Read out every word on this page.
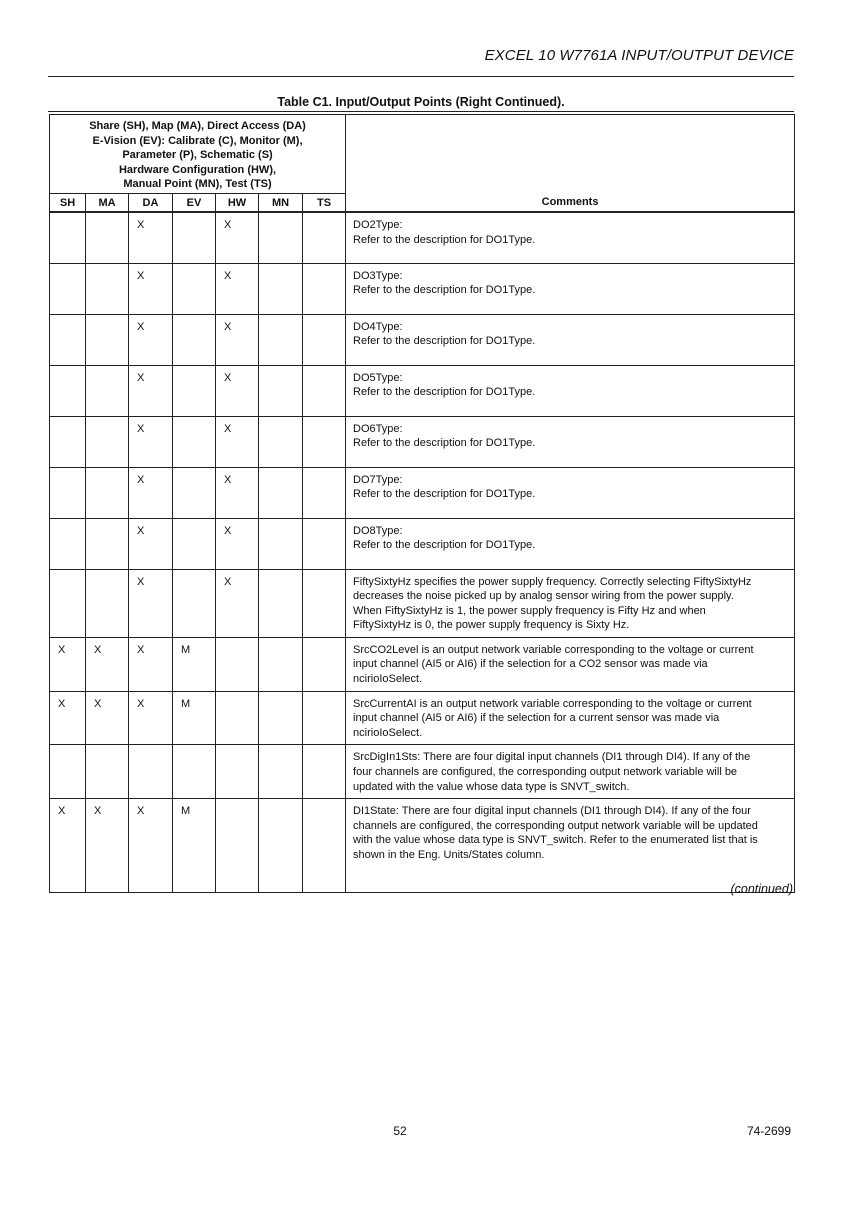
EXCEL 10 W7761A INPUT/OUTPUT DEVICE
Table C1. Input/Output Points (Right Continued).
Share (SH), Map (MA), Direct Access (DA)
E-Vision (EV): Calibrate (C), Monitor (M),
Parameter (P), Schematic (S)
Hardware Configuration (HW),
Manual Point (MN), Test (TS)							Comments
SH	MA	DA	EV	HW	MN	TS	
		X		X			DO2Type:
Refer to the description for DO1Type.

		X		X			DO3Type:
Refer to the description for DO1Type.

		X		X			DO4Type:
Refer to the description for DO1Type.

		X		X			DO5Type:
Refer to the description for DO1Type.

		X		X			DO6Type:
Refer to the description for DO1Type.

		X		X			DO7Type:
Refer to the description for DO1Type.

		X		X			DO8Type:
Refer to the description for DO1Type.

		X		X			FiftySixtyHz specifies the power supply frequency. Correctly selecting FiftySixtyHz
decreases the noise picked up by analog sensor wiring from the power supply.
When FiftySixtyHz is 1, the power supply frequency is Fifty Hz and when
FiftySixtyHz is 0, the power supply frequency is Sixty Hz.

X	X	X	M				SrcCO2Level is an output network variable corresponding to the voltage or current
input channel (AI5 or AI6) if the selection for a CO2 sensor was made via
ncirioIoSelect.

X	X	X	M				SrcCurrentAI is an output network variable corresponding to the voltage or current
input channel (AI5 or AI6) if the selection for a current sensor was made via
ncirioIoSelect.

							SrcDigIn1Sts: There are four digital input channels (DI1 through DI4). If any of the
four channels are configured, the corresponding output network variable will be
updated with the value whose data type is SNVT_switch.

X	X	X	M				DI1State: There are four digital input channels (DI1 through DI4). If any of the four
channels are configured, the corresponding output network variable will be updated
with the value whose data type is SNVT_switch. Refer to the enumerated list that is
shown in the Eng. Units/States column.
(continued)
52	74-2699
